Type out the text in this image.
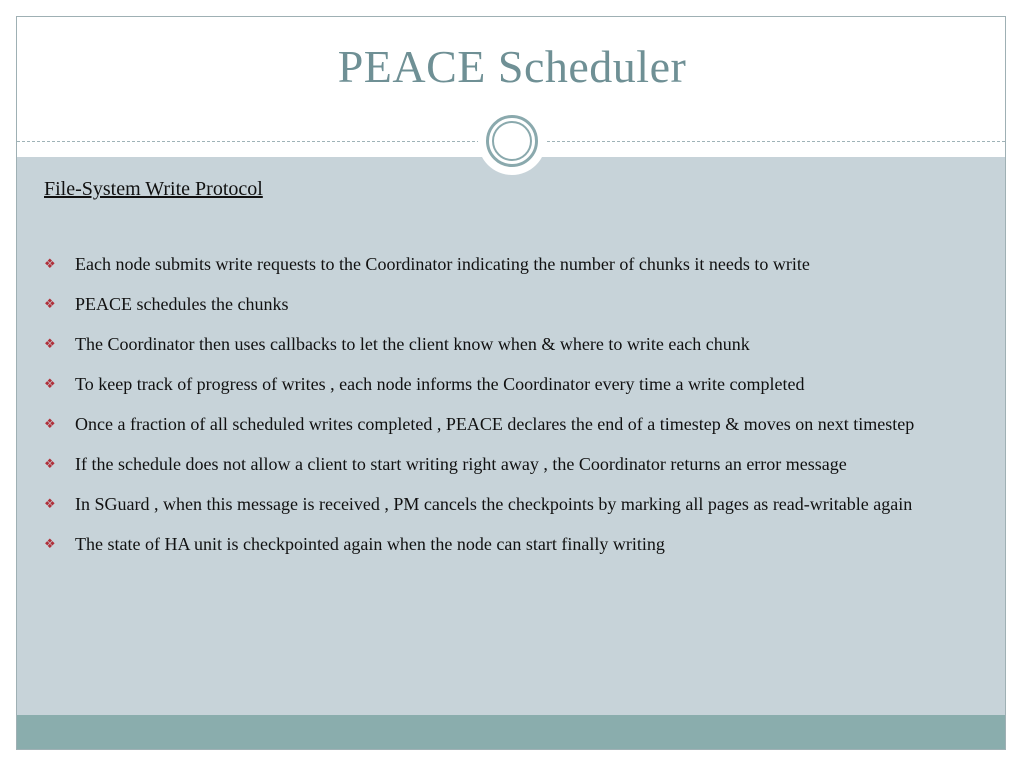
PEACE Scheduler
File-System Write Protocol
❖ Each node submits write requests to the Coordinator indicating the number of chunks it needs to write
❖ PEACE schedules the chunks
❖ The Coordinator then uses callbacks to let the client know when & where to write each chunk
❖ To keep track of progress of writes , each node informs the Coordinator every time a write completed
❖ Once a fraction of all scheduled writes completed , PEACE declares the end of a timestep & moves on next timestep
❖ If the schedule does not allow a client to start writing right away , the Coordinator returns an error message
❖ In SGuard , when this message is received , PM cancels the checkpoints by marking all pages as read-writable again
❖ The state of HA unit is checkpointed again when the node can start finally writing
